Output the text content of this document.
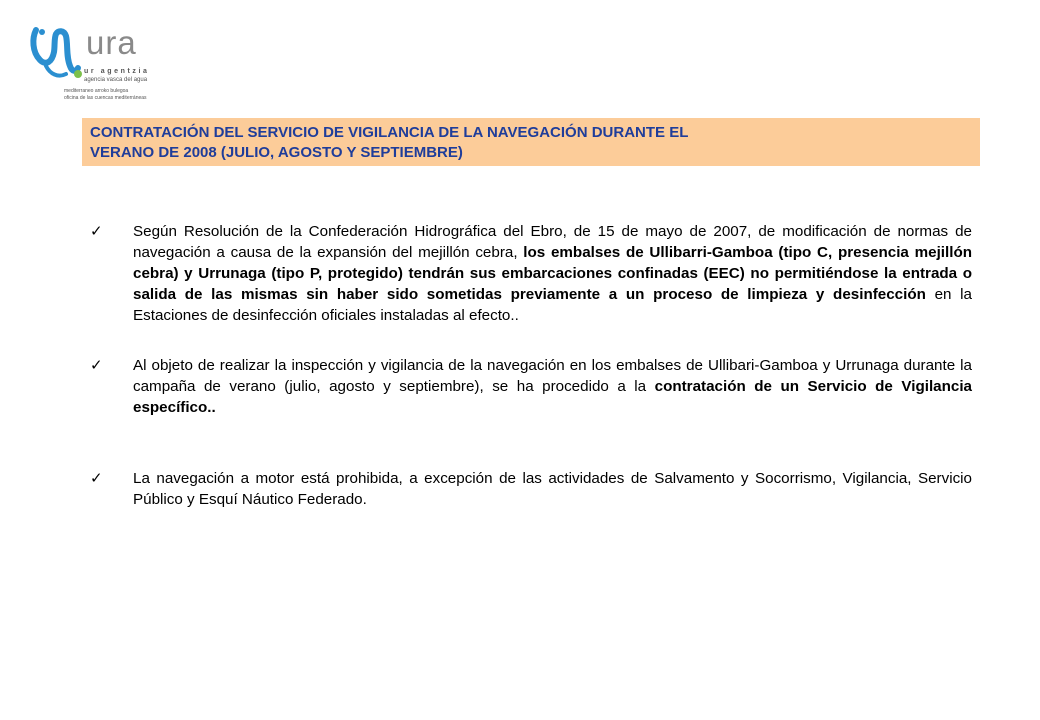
ura
ur agentzia
agencia vasca del agua
mediterraneo arroko bulegoa
oficina de las cuencas mediterráneas
CONTRATACIÓN DEL SERVICIO DE VIGILANCIA DE LA NAVEGACIÓN DURANTE EL
VERANO DE 2008 (JULIO, AGOSTO Y SEPTIEMBRE)
✓ Según Resolución de la Confederación Hidrográfica del Ebro, de 15 de mayo de 2007, de modificación de normas de navegación a causa de la expansión del mejillón cebra, los embalses de Ullibarri-Gamboa (tipo C, presencia mejillón cebra) y Urrunaga (tipo P, protegido) tendrán sus embarcaciones confinadas (EEC) no permitiéndose la entrada o salida de las mismas sin haber sido sometidas previamente a un proceso de limpieza y desinfección en la Estaciones de desinfección oficiales instaladas al efecto..

✓ Al objeto de realizar la inspección y vigilancia de la navegación en los embalses de Ullibari-Gamboa y Urrunaga durante la campaña de verano (julio, agosto y septiembre), se ha procedido a la contratación de un Servicio de Vigilancia específico..

✓ La navegación a motor está prohibida, a excepción de las actividades de Salvamento y Socorrismo, Vigilancia, Servicio Público y Esquí Náutico Federado.
